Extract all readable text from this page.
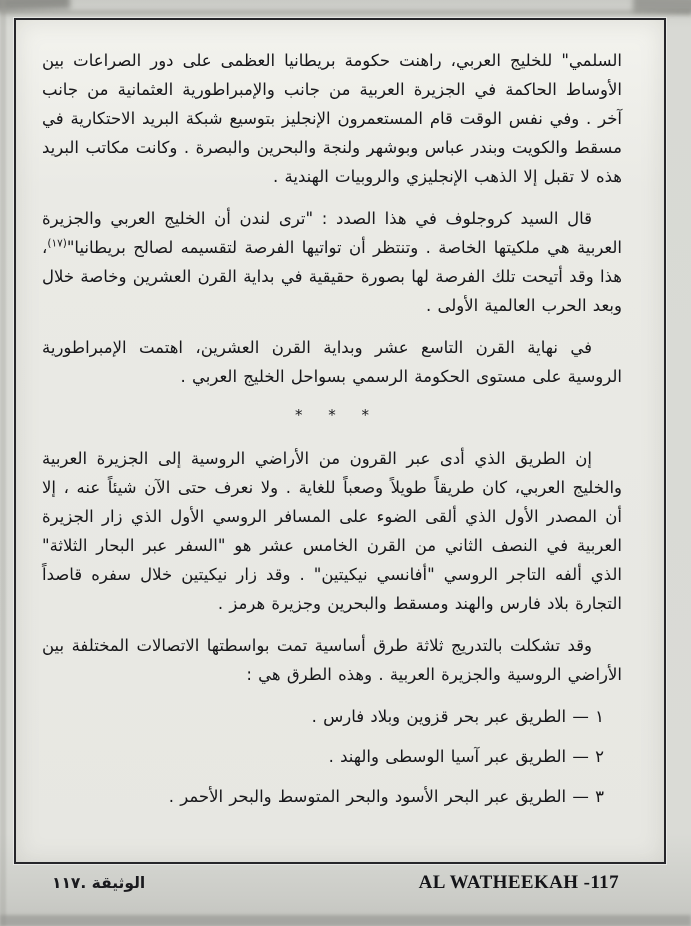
السلمي" للخليج العربي، راهنت حكومة بريطانيا العظمى على دور الصراعات بين الأوساط الحاكمة في الجزيرة العربية من جانب والإمبراطورية العثمانية من جانب آخر . وفي نفس الوقت قام المستعمرون الإنجليز بتوسيع شبكة البريد الاحتكارية في مسقط والكويت وبندر عباس وبوشهر ولنجة والبحرين والبصرة . وكانت مكاتب البريد هذه لا تقبل إلا الذهب الإنجليزي والروبيات الهندية .

قال السيد كروجلوف في هذا الصدد : "ترى لندن أن الخليج العربي والجزيرة العربية هي ملكيتها الخاصة . وتنتظر أن تواتيها الفرصة لتقسيمه لصالح بريطانيا"$^{(١٧)}$، هذا وقد أتيحت تلك الفرصة لها بصورة حقيقية في بداية القرن العشرين وخاصة خلال وبعد الحرب العالمية الأولى .

في نهاية القرن التاسع عشر وبداية القرن العشرين، اهتمت الإمبراطورية الروسية على مستوى الحكومة الرسمي بسواحل الخليج العربي .

* * *

إن الطريق الذي أدى عبر القرون من الأراضي الروسية إلى الجزيرة العربية والخليج العربي، كان طريقاً طويلاً وصعباً للغاية . ولا نعرف حتى الآن شيئاً عنه ، إلا أن المصدر الأول الذي ألقى الضوء على المسافر الروسي الأول الذي زار الجزيرة العربية في النصف الثاني من القرن الخامس عشر هو "السفر عبر البحار الثلاثة" الذي ألفه التاجر الروسي "أفانسي نيكيتين" . وقد زار نيكيتين خلال سفره قاصداً التجارة بلاد فارس والهند ومسقط والبحرين وجزيرة هرمز .

وقد تشكلت بالتدريج ثلاثة طرق أساسية تمت بواسطتها الاتصالات المختلفة بين الأراضي الروسية والجزيرة العربية . وهذه الطرق هي :

١ — الطريق عبر بحر قزوين وبلاد فارس .
٢ — الطريق عبر آسيا الوسطى والهند .
٣ — الطريق عبر البحر الأسود والبحر المتوسط والبحر الأحمر .
الوثيقة .١١٧	AL WATHEEKAH -117
